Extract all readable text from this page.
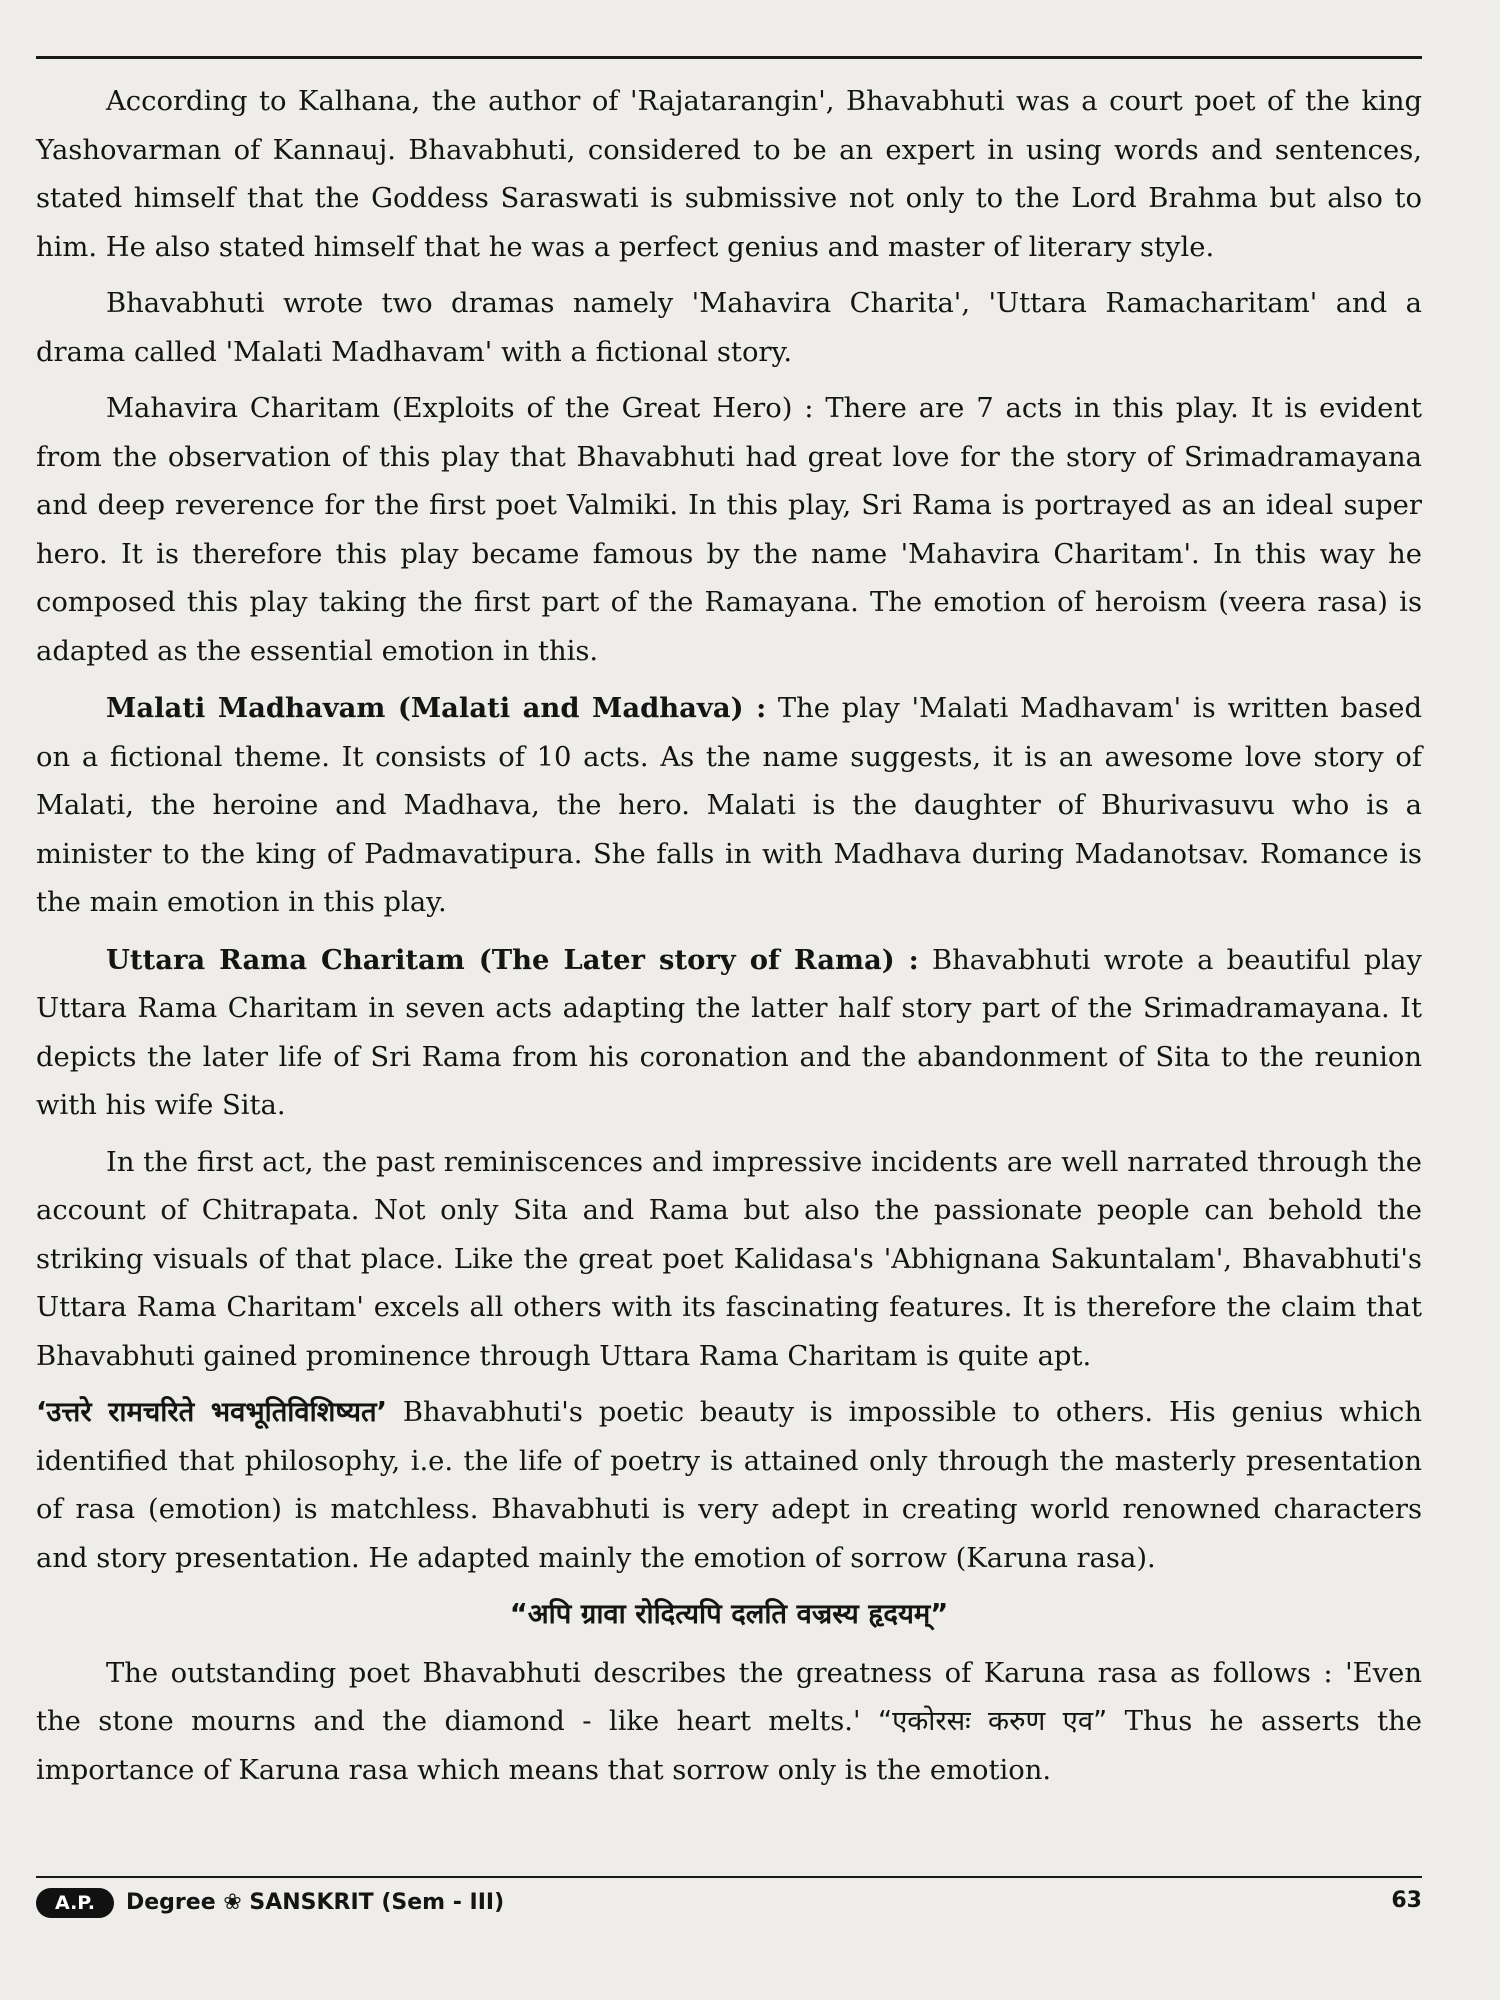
According to Kalhana, the author of 'Rajatarangin', Bhavabhuti was a court poet of the king Yashovarman of Kannauj. Bhavabhuti, considered to be an expert in using words and sentences, stated himself that the Goddess Saraswati is submissive not only to the Lord Brahma but also to him. He also stated himself that he was a perfect genius and master of literary style.

Bhavabhuti wrote two dramas namely 'Mahavira Charita', 'Uttara Ramacharitam' and a drama called 'Malati Madhavam' with a fictional story.

Mahavira Charitam (Exploits of the Great Hero) : There are 7 acts in this play. It is evident from the observation of this play that Bhavabhuti had great love for the story of Srimadramayana and deep reverence for the first poet Valmiki. In this play, Sri Rama is portrayed as an ideal super hero. It is therefore this play became famous by the name 'Mahavira Charitam'. In this way he composed this play taking the first part of the Ramayana. The emotion of heroism (veera rasa) is adapted as the essential emotion in this.

Malati Madhavam (Malati and Madhava) : The play 'Malati Madhavam' is written based on a fictional theme. It consists of 10 acts. As the name suggests, it is an awesome love story of Malati, the heroine and Madhava, the hero. Malati is the daughter of Bhurivasuvu who is a minister to the king of Padmavatipura. She falls in with Madhava during Madanotsav. Romance is the main emotion in this play.

Uttara Rama Charitam (The Later story of Rama) : Bhavabhuti wrote a beautiful play Uttara Rama Charitam in seven acts adapting the latter half story part of the Srimadramayana. It depicts the later life of Sri Rama from his coronation and the abandonment of Sita to the reunion with his wife Sita.

In the first act, the past reminiscences and impressive incidents are well narrated through the account of Chitrapata. Not only Sita and Rama but also the passionate people can behold the striking visuals of that place. Like the great poet Kalidasa's 'Abhignana Sakuntalam', Bhavabhuti's Uttara Rama Charitam' excels all others with its fascinating features. It is therefore the claim that Bhavabhuti gained prominence through Uttara Rama Charitam is quite apt.

‘उत्तरे रामचरिते भवभूतिविशिष्यत’ Bhavabhuti's poetic beauty is impossible to others. His genius which identified that philosophy, i.e. the life of poetry is attained only through the masterly presentation of rasa (emotion) is matchless. Bhavabhuti is very adept in creating world renowned characters and story presentation. He adapted mainly the emotion of sorrow (Karuna rasa).

“अपि ग्रावा रोदित्यपि दलति वज्रस्य हृदयम्”

The outstanding poet Bhavabhuti describes the greatness of Karuna rasa as follows : 'Even the stone mourns and the diamond - like heart melts.' “एकोरसः करुण एव” Thus he asserts the importance of Karuna rasa which means that sorrow only is the emotion.

A.P.	Degree ❀ SANSKRIT (Sem - III)	63
